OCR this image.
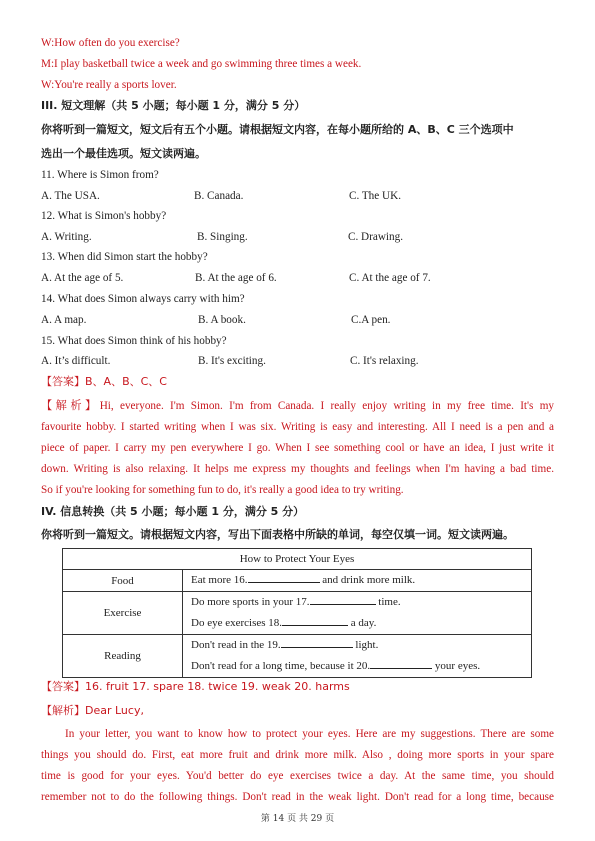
W:How often do you exercise?
M:I play basketball twice a week and go swimming three times a week.
W:You're really a sports lover.
III. 短文理解（共 5 小题；每小题 1 分，满分 5 分）
你将听到一篇短文，短文后有五个小题。请根据短文内容，在每小题所给的 A、B、C 三个选项中
选出一个最佳选项。短文读两遍。
11. Where is Simon from?
A. The USA.	B. Canada.	C. The UK.
12. What is Simon's hobby?
A. Writing.	B. Singing.	C. Drawing.
13. When did Simon start the hobby?
A. At the age of 5.	B. At the age of 6.	C. At the age of 7.
14. What does Simon always carry with him?
A. A map.	B. A book.	C.A pen.
15. What does Simon think of his hobby?
A. It’s difficult.	B. It's exciting.	C. It's relaxing.
【答案】B、A、B、C、C
【解析】Hi, everyone. I'm Simon. I'm from Canada. I really enjoy writing in my free time. It's my
favourite hobby. I started writing when I was six. Writing is easy and interesting. All I need is a pen and a
piece of paper. I carry my pen everywhere I go. When I see something cool or have an idea, I just write it
down. Writing is also relaxing. It helps me express my thoughts and feelings when I'm having a bad time.
So if you're looking for something fun to do, it's really a good idea to try writing.
IV. 信息转换（共 5 小题；每小题 1 分，满分 5 分）
你将听到一篇短文。请根据短文内容，写出下面表格中所缺的单词，每空仅填一词。短文读两遍。
How to Protect Your Eyes	
Food	Eat more 16. and drink more milk.

Exercise	Do more sports in your 17. time.
Do eye exercises 18. a day.

Reading	Don't read in the 19. light.
Don't read for a long time, because it 20. your eyes.
【答案】16. fruit 17. spare 18. twice 19. weak 20. harms
【解析】Dear Lucy,
In your letter, you want to know how to protect your eyes. Here are my suggestions. There are some
things you should do. First, eat more fruit and drink more milk. Also , doing more sports in your spare
time is good for your eyes. You'd better do eye exercises twice a day. At the same time, you should
remember not to do the following things. Don't read in the weak light. Don't read for a long time, because
第 14 页 共 29 页
